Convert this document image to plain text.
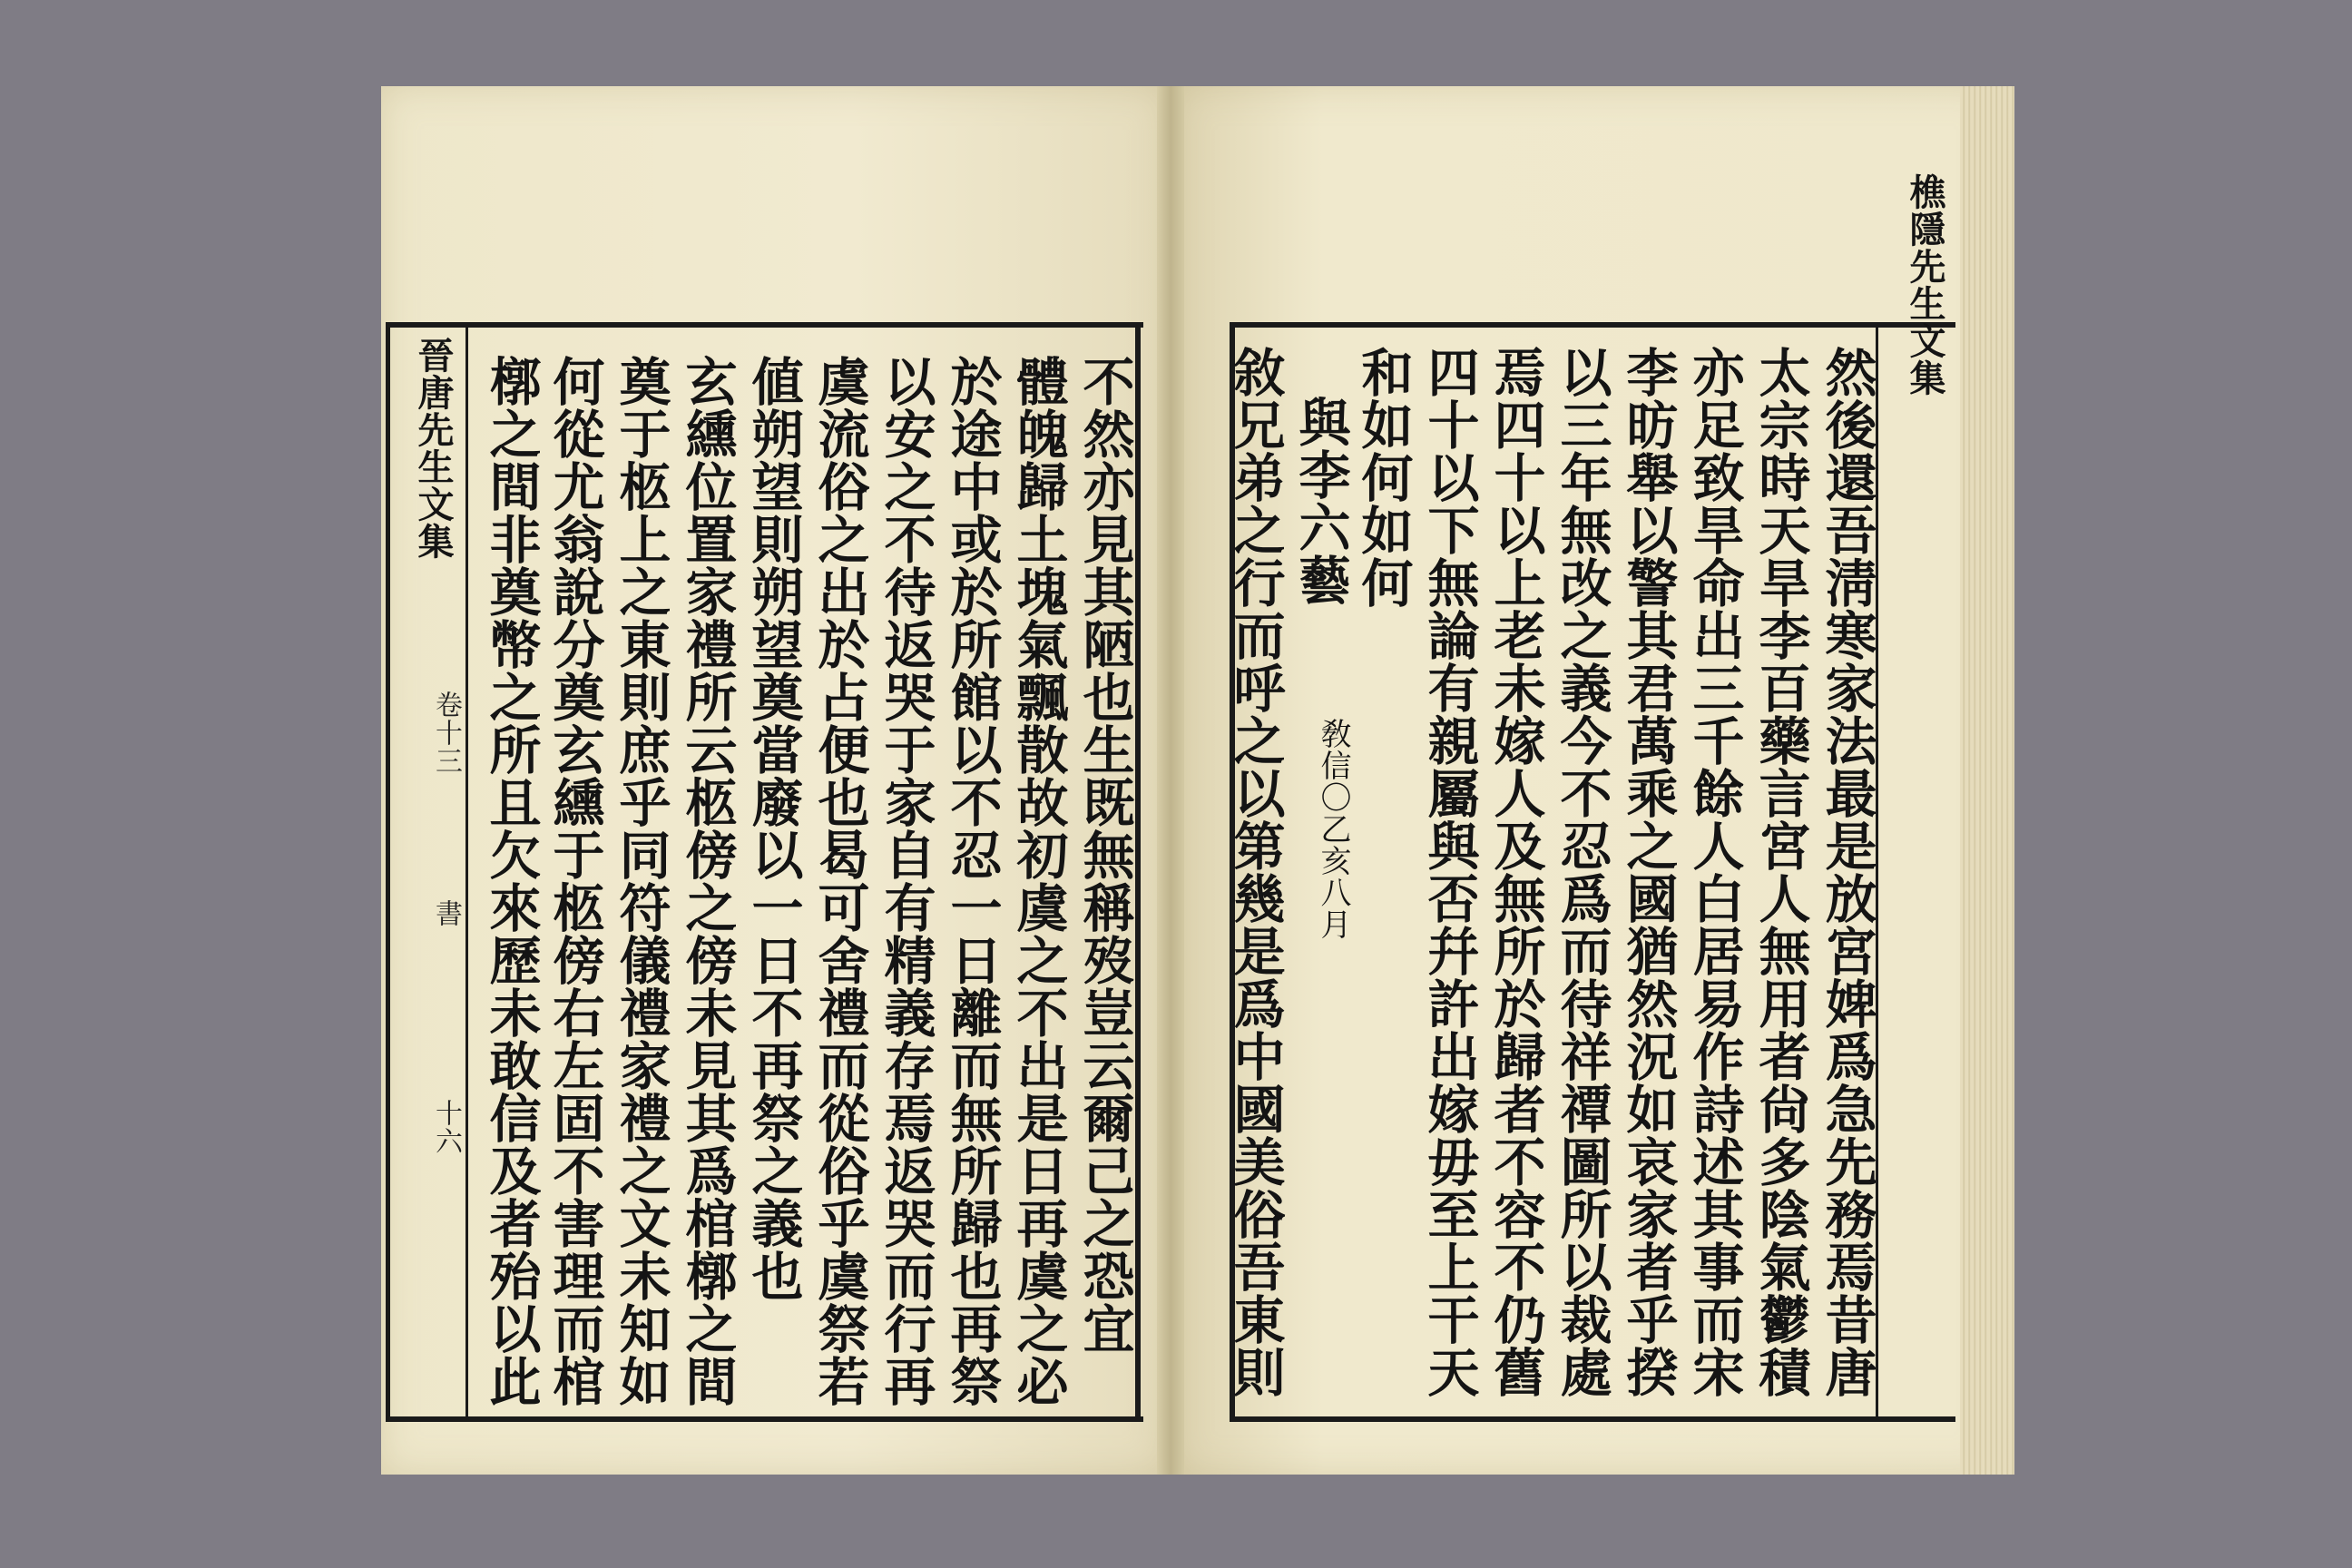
晉唐先生文集
卷十三
書
十六	不然亦見其陋也生既無稱歿豈云爾己之恐宜
體魄歸土塊氣飄散故初虞之不出是日再虞之必
於途中或於所館以不忍一日離而無所歸也再祭
以安之不待返哭于家自有精義存焉返哭而行再
虞流俗之出於占便也曷可舍禮而從俗乎虞祭若
値朔望則朔望奠當廢以一日不再祭之義也
玄纁位置家禮所云柩傍之傍未見其爲棺槨之間
奠于柩上之東則庶乎同符儀禮家禮之文未知如
何從尤翁說分奠玄纁于柩傍右左固不害理而棺
槨之間非奠幣之所且欠來歷未敢信及者殆以此	然後還吾淸寒家法最是放宮婢爲急先務焉昔唐
太宗時天旱李百藥言宮人無用者尙多陰氣鬱積
亦足致旱命出三千餘人白居易作詩述其事而宋
李昉舉以警其君萬乘之國猶然況如哀家者乎揆
以三年無改之義今不忍爲而待祥禫圖所以裁處
焉四十以上老未嫁人及無所於歸者不容不仍舊
四十以下無論有親屬與否幷許出嫁毋至上干天
和如何如何
與李六藝
敎信〇乙亥八月
敘兄弟之行而呼之以第幾是爲中國美俗吾東則
樵隱先生文集
